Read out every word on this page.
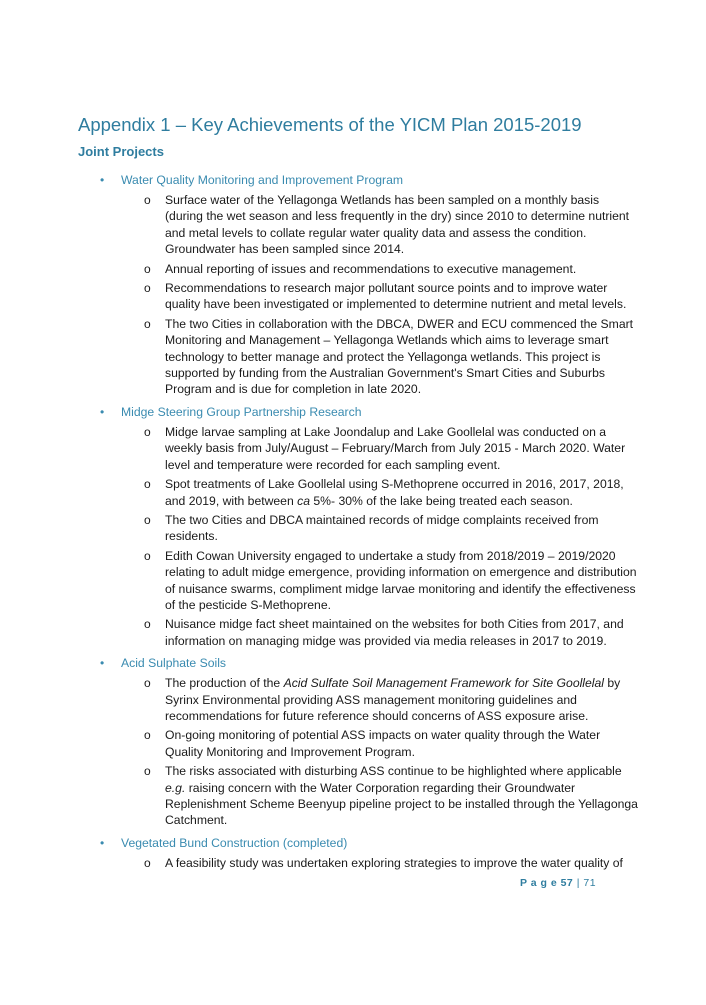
Appendix 1 – Key Achievements of the YICM Plan 2015-2019
Joint Projects
• Water Quality Monitoring and Improvement Program
o Surface water of the Yellagonga Wetlands has been sampled on a monthly basis (during the wet season and less frequently in the dry) since 2010 to determine nutrient and metal levels to collate regular water quality data and assess the condition. Groundwater has been sampled since 2014.
o Annual reporting of issues and recommendations to executive management.
o Recommendations to research major pollutant source points and to improve water quality have been investigated or implemented to determine nutrient and metal levels.
o The two Cities in collaboration with the DBCA, DWER and ECU commenced the Smart Monitoring and Management – Yellagonga Wetlands which aims to leverage smart technology to better manage and protect the Yellagonga wetlands. This project is supported by funding from the Australian Government's Smart Cities and Suburbs Program and is due for completion in late 2020.
• Midge Steering Group Partnership Research
o Midge larvae sampling at Lake Joondalup and Lake Goollelal was conducted on a weekly basis from July/August – February/March from July 2015 - March 2020. Water level and temperature were recorded for each sampling event.
o Spot treatments of Lake Goollelal using S-Methoprene occurred in 2016, 2017, 2018, and 2019, with between ca 5%- 30% of the lake being treated each season.
o The two Cities and DBCA maintained records of midge complaints received from residents.
o Edith Cowan University engaged to undertake a study from 2018/2019 – 2019/2020 relating to adult midge emergence, providing information on emergence and distribution of nuisance swarms, compliment midge larvae monitoring and identify the effectiveness of the pesticide S-Methoprene.
o Nuisance midge fact sheet maintained on the websites for both Cities from 2017, and information on managing midge was provided via media releases in 2017 to 2019.
• Acid Sulphate Soils
o The production of the Acid Sulfate Soil Management Framework for Site Goollelal by Syrinx Environmental providing ASS management monitoring guidelines and recommendations for future reference should concerns of ASS exposure arise.
o On-going monitoring of potential ASS impacts on water quality through the Water Quality Monitoring and Improvement Program.
o The risks associated with disturbing ASS continue to be highlighted where applicable e.g. raising concern with the Water Corporation regarding their Groundwater Replenishment Scheme Beenyup pipeline project to be installed through the Yellagonga Catchment.
• Vegetated Bund Construction (completed)
o A feasibility study was undertaken exploring strategies to improve the water quality of
P a g e 57 | 71
